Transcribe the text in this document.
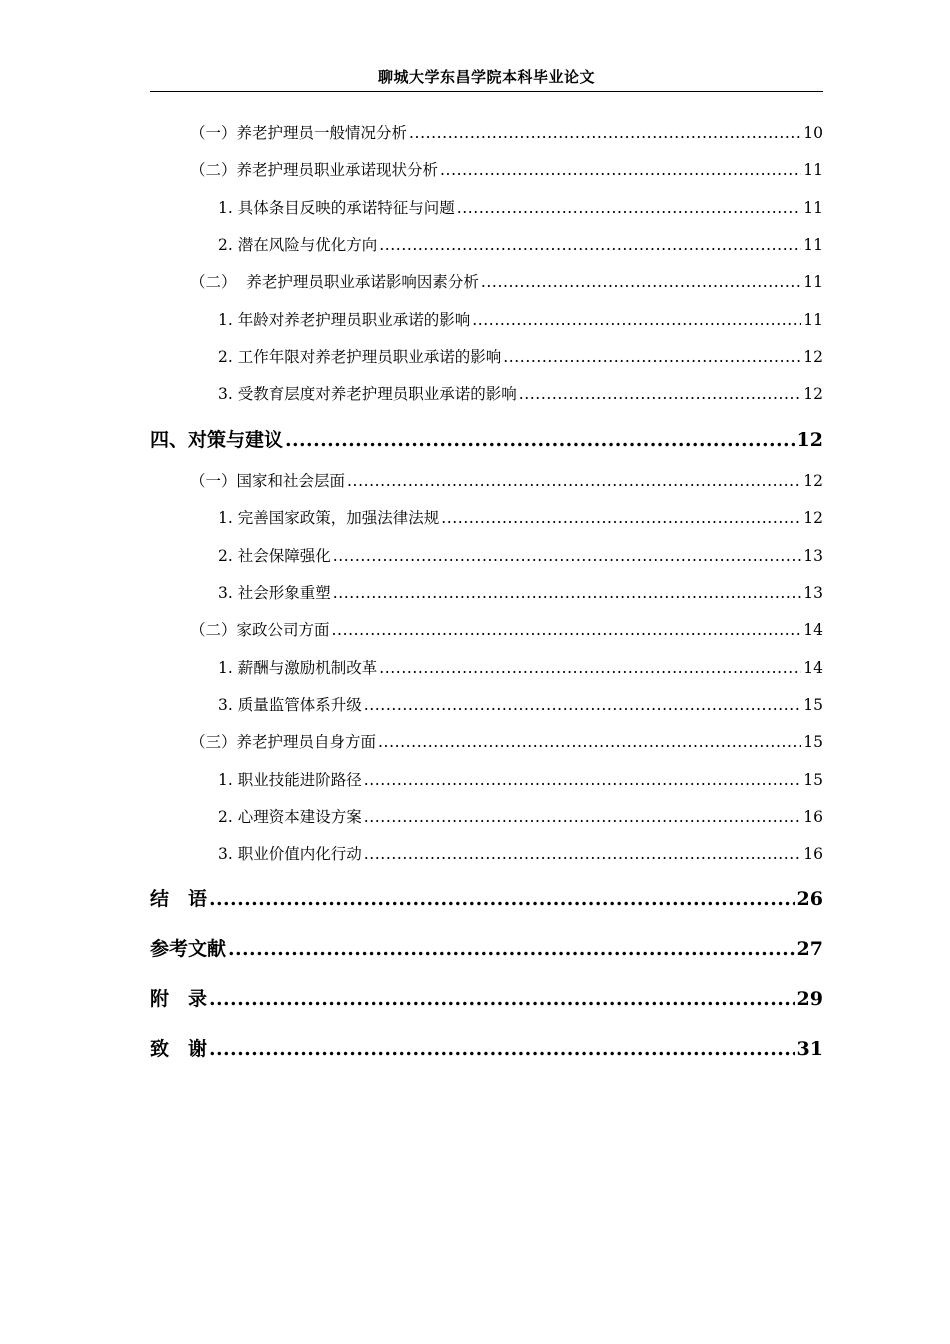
聊城大学东昌学院本科毕业论文
（一）养老护理员一般情况分析 .....	10
（二）养老护理员职业承诺现状分析 .....	11
1. 具体条目反映的承诺特征与问题 .....	11
2. 潜在风险与优化方向 .....	11
（二）  养老护理员职业承诺影响因素分析 .....	11
1. 年龄对养老护理员职业承诺的影响 .....	11
2. 工作年限对养老护理员职业承诺的影响 .....	12
3. 受教育层度对养老护理员职业承诺的影响 .....	12
四、对策与建议 .....	12
（一）国家和社会层面 .....	12
1. 完善国家政策，加强法律法规 .....	12
2. 社会保障强化 .....	13
3. 社会形象重塑 .....	13
（二）家政公司方面 .....	14
1. 薪酬与激励机制改革 .....	14
3. 质量监管体系升级 .....	15
（三）养老护理员自身方面 .....	15
1. 职业技能进阶路径 .....	15
2. 心理资本建设方案 .....	16
3. 职业价值内化行动 .....	16
结　语 .....	26
参考文献 .....	27
附　录 .....	29
致　谢 .....	31
